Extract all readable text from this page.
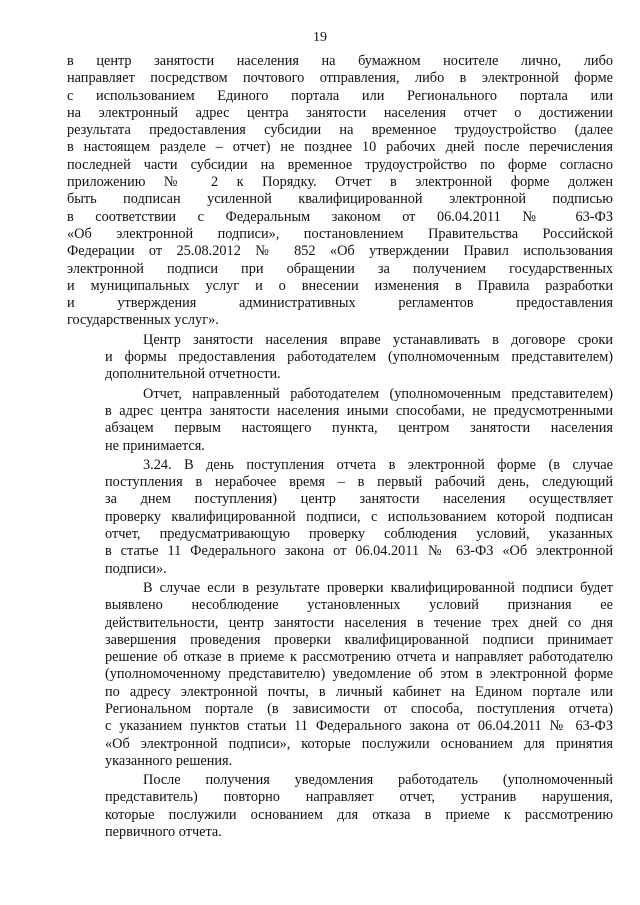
19
в центр занятости населения на бумажном носителе лично, либо
направляет посредством почтового отправления, либо в электронной форме
с использованием Единого портала или Регионального портала или
на электронный адрес центра занятости населения отчет о достижении
результата предоставления субсидии на временное трудоустройство (далее
в настоящем разделе – отчет) не позднее 10 рабочих дней после перечисления
последней части субсидии на временное трудоустройство по форме согласно
приложению № 2 к Порядку. Отчет в электронной форме должен
быть подписан усиленной квалифицированной электронной подписью
в соответствии с Федеральным законом от 06.04.2011 № 63-ФЗ
«Об электронной подписи», постановлением Правительства Российской
Федерации от 25.08.2012 № 852 «Об утверждении Правил использования
электронной подписи при обращении за получением государственных
и муниципальных услуг и о внесении изменения в Правила разработки
и утверждения административных регламентов предоставления
государственных услуг».
Центр занятости населения вправе устанавливать в договоре сроки
и формы предоставления работодателем (уполномоченным представителем)
дополнительной отчетности.
Отчет, направленный работодателем (уполномоченным представителем)
в адрес центра занятости населения иными способами, не предусмотренными
абзацем первым настоящего пункта, центром занятости населения
не принимается.
3.24. В день поступления отчета в электронной форме (в случае
поступления в нерабочее время – в первый рабочий день, следующий
за днем поступления) центр занятости населения осуществляет
проверку квалифицированной подписи, с использованием которой подписан
отчет, предусматривающую проверку соблюдения условий, указанных
в статье 11 Федерального закона от 06.04.2011 № 63-ФЗ «Об электронной
подписи».
В случае если в результате проверки квалифицированной подписи будет
выявлено несоблюдение установленных условий признания ее
действительности, центр занятости населения в течение трех дней со дня
завершения проведения проверки квалифицированной подписи принимает
решение об отказе в приеме к рассмотрению отчета и направляет работодателю
(уполномоченному представителю) уведомление об этом в электронной форме
по адресу электронной почты, в личный кабинет на Едином портале или
Региональном портале (в зависимости от способа, поступления отчета)
с указанием пунктов статьи 11 Федерального закона от 06.04.2011 № 63-ФЗ
«Об электронной подписи», которые послужили основанием для принятия
указанного решения.
После получения уведомления работодатель (уполномоченный
представитель) повторно направляет отчет, устранив нарушения,
которые послужили основанием для отказа в приеме к рассмотрению
первичного отчета.
